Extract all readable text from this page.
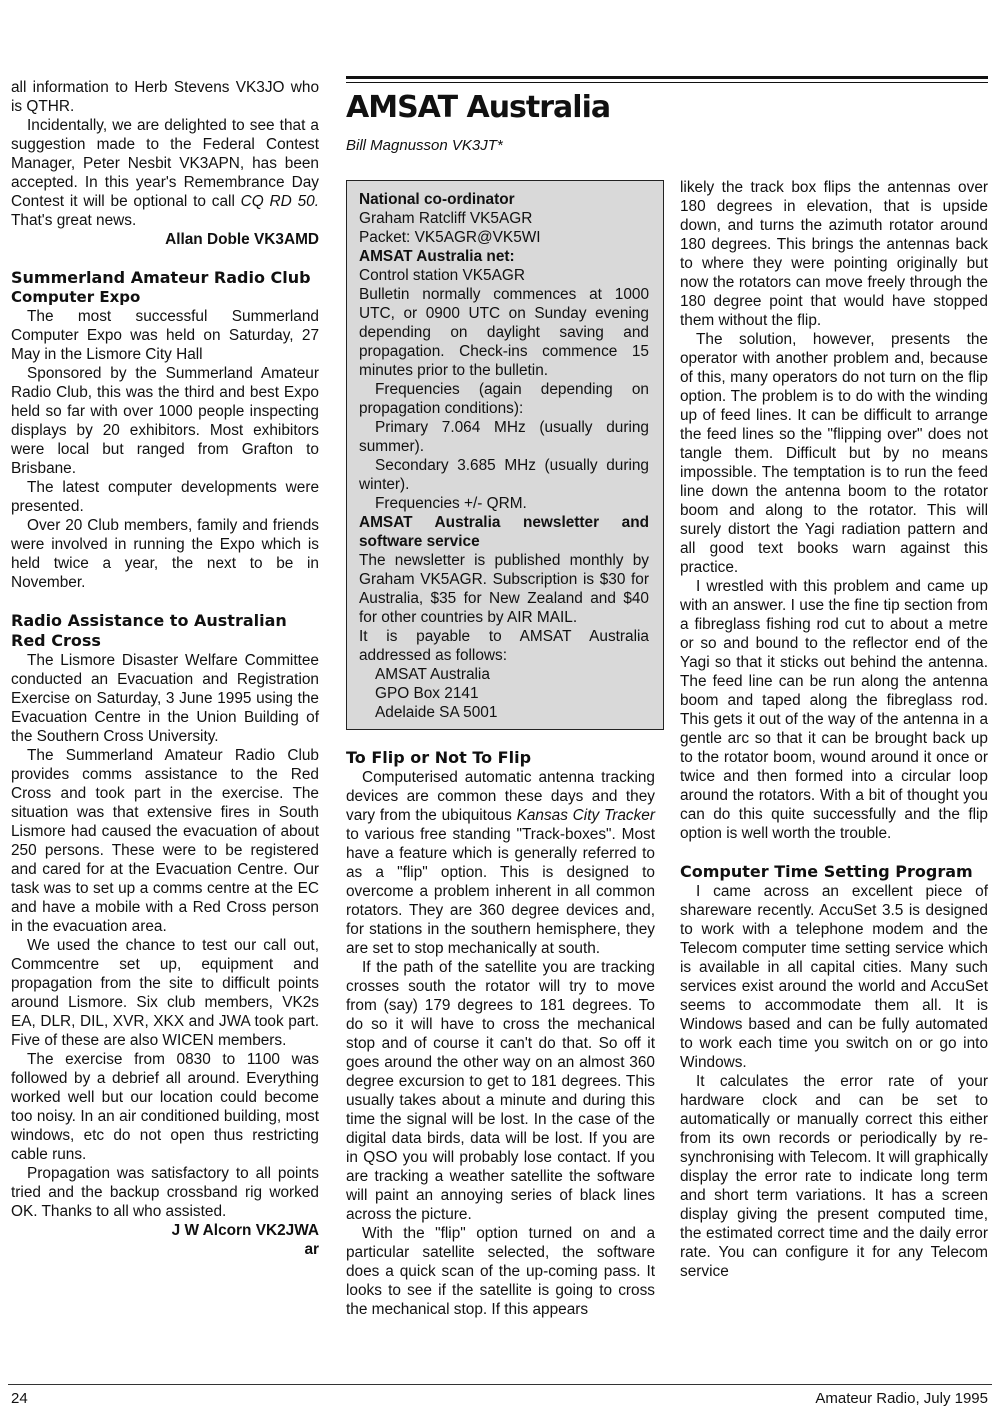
all information to Herb Stevens VK3JO who is QTHR.

Incidentally, we are delighted to see that a suggestion made to the Federal Contest Manager, Peter Nesbit VK3APN, has been accepted. In this year's Remembrance Day Contest it will be optional to call CQ RD 50. That's great news.

Allan Doble VK3AMD
Summerland Amateur Radio Club
Computer Expo

The most successful Summerland Computer Expo was held on Saturday, 27 May in the Lismore City Hall

Sponsored by the Summerland Amateur Radio Club, this was the third and best Expo held so far with over 1000 people inspecting displays by 20 exhibitors. Most exhibitors were local but ranged from Grafton to Brisbane.

The latest computer developments were presented.

Over 20 Club members, family and friends were involved in running the Expo which is held twice a year, the next to be in November.

Radio Assistance to Australian Red Cross

The Lismore Disaster Welfare Committee conducted an Evacuation and Registration Exercise on Saturday, 3 June 1995 using the Evacuation Centre in the Union Building of the Southern Cross University.

The Summerland Amateur Radio Club provides comms assistance to the Red Cross and took part in the exercise. The situation was that extensive fires in South Lismore had caused the evacuation of about 250 persons. These were to be registered and cared for at the Evacuation Centre. Our task was to set up a comms centre at the EC and have a mobile with a Red Cross person in the evacuation area.

We used the chance to test our call out, Commcentre set up, equipment and propagation from the site to difficult points around Lismore. Six club members, VK2s EA, DLR, DIL, XVR, XKX and JWA took part. Five of these are also WICEN members.

The exercise from 0830 to 1100 was followed by a debrief all around. Everything worked well but our location could become too noisy. In an air conditioned building, most windows, etc do not open thus restricting cable runs.

Propagation was satisfactory to all points tried and the backup crossband rig worked OK. Thanks to all who assisted.

J W Alcorn VK2JWA
ar
AMSAT Australia
Bill Magnusson VK3JT*

National co-ordinator

Graham Ratcliff VK5AGR

Packet: VK5AGR@VK5WI

AMSAT Australia net:

Control station VK5AGR

Bulletin normally commences at 1000 UTC, or 0900 UTC on Sunday evening depending on daylight saving and propagation. Check-ins commence 15 minutes prior to the bulletin.

Frequencies (again depending on propagation conditions):

Primary 7.064 MHz (usually during summer).

Secondary 3.685 MHz (usually during winter).

Frequencies +/- QRM.

AMSAT Australia newsletter and software service

The newsletter is published monthly by Graham VK5AGR. Subscription is $30 for Australia, $35 for New Zealand and $40 for other countries by AIR MAIL.

It is payable to AMSAT Australia addressed as follows:

AMSAT Australia

GPO Box 2141

Adelaide SA 5001

To Flip or Not To Flip

Computerised automatic antenna tracking devices are common these days and they vary from the ubiquitous Kansas City Tracker to various free standing "Track-boxes". Most have a feature which is generally referred to as a "flip" option. This is designed to overcome a problem inherent in all common rotators. They are 360 degree devices and, for stations in the southern hemisphere, they are set to stop mechanically at south.

If the path of the satellite you are tracking crosses south the rotator will try to move from (say) 179 degrees to 181 degrees. To do so it will have to cross the mechanical stop and of course it can't do that. So off it goes around the other way on an almost 360 degree excursion to get to 181 degrees. This usually takes about a minute and during this time the signal will be lost. In the case of the digital data birds, data will be lost. If you are in QSO you will probably lose contact. If you are tracking a weather satellite the software will paint an annoying series of black lines across the picture.

With the "flip" option turned on and a particular satellite selected, the software does a quick scan of the up-coming pass. It looks to see if the satellite is going to cross the mechanical stop. If this appears

likely the track box flips the antennas over 180 degrees in elevation, that is upside down, and turns the azimuth rotator around 180 degrees. This brings the antennas back to where they were pointing originally but now the rotators can move freely through the 180 degree point that would have stopped them without the flip.

The solution, however, presents the operator with another problem and, because of this, many operators do not turn on the flip option. The problem is to do with the winding up of feed lines. It can be difficult to arrange the feed lines so the "flipping over" does not tangle them. Difficult but by no means impossible. The temptation is to run the feed line down the antenna boom to the rotator boom and along to the rotator. This will surely distort the Yagi radiation pattern and all good text books warn against this practice.

I wrestled with this problem and came up with an answer. I use the fine tip section from a fibreglass fishing rod cut to about a metre or so and bound to the reflector end of the Yagi so that it sticks out behind the antenna. The feed line can be run along the antenna boom and taped along the fibreglass rod. This gets it out of the way of the antenna in a gentle arc so that it can be brought back up to the rotator boom, wound around it once or twice and then formed into a circular loop around the rotators. With a bit of thought you can do this quite successfully and the flip option is well worth the trouble.

Computer Time Setting Program

I came across an excellent piece of shareware recently. AccuSet 3.5 is designed to work with a telephone modem and the Telecom computer time setting service which is available in all capital cities. Many such services exist around the world and AccuSet seems to accommodate them all. It is Windows based and can be fully automated to work each time you switch on or go into Windows.

It calculates the error rate of your hardware clock and can be set to automatically or manually correct this either from its own records or periodically by re-synchronising with Telecom. It will graphically display the error rate to indicate long term and short term variations. It has a screen display giving the present computed time, the estimated correct time and the daily error rate. You can configure it for any Telecom service

24	Amateur Radio, July 1995
